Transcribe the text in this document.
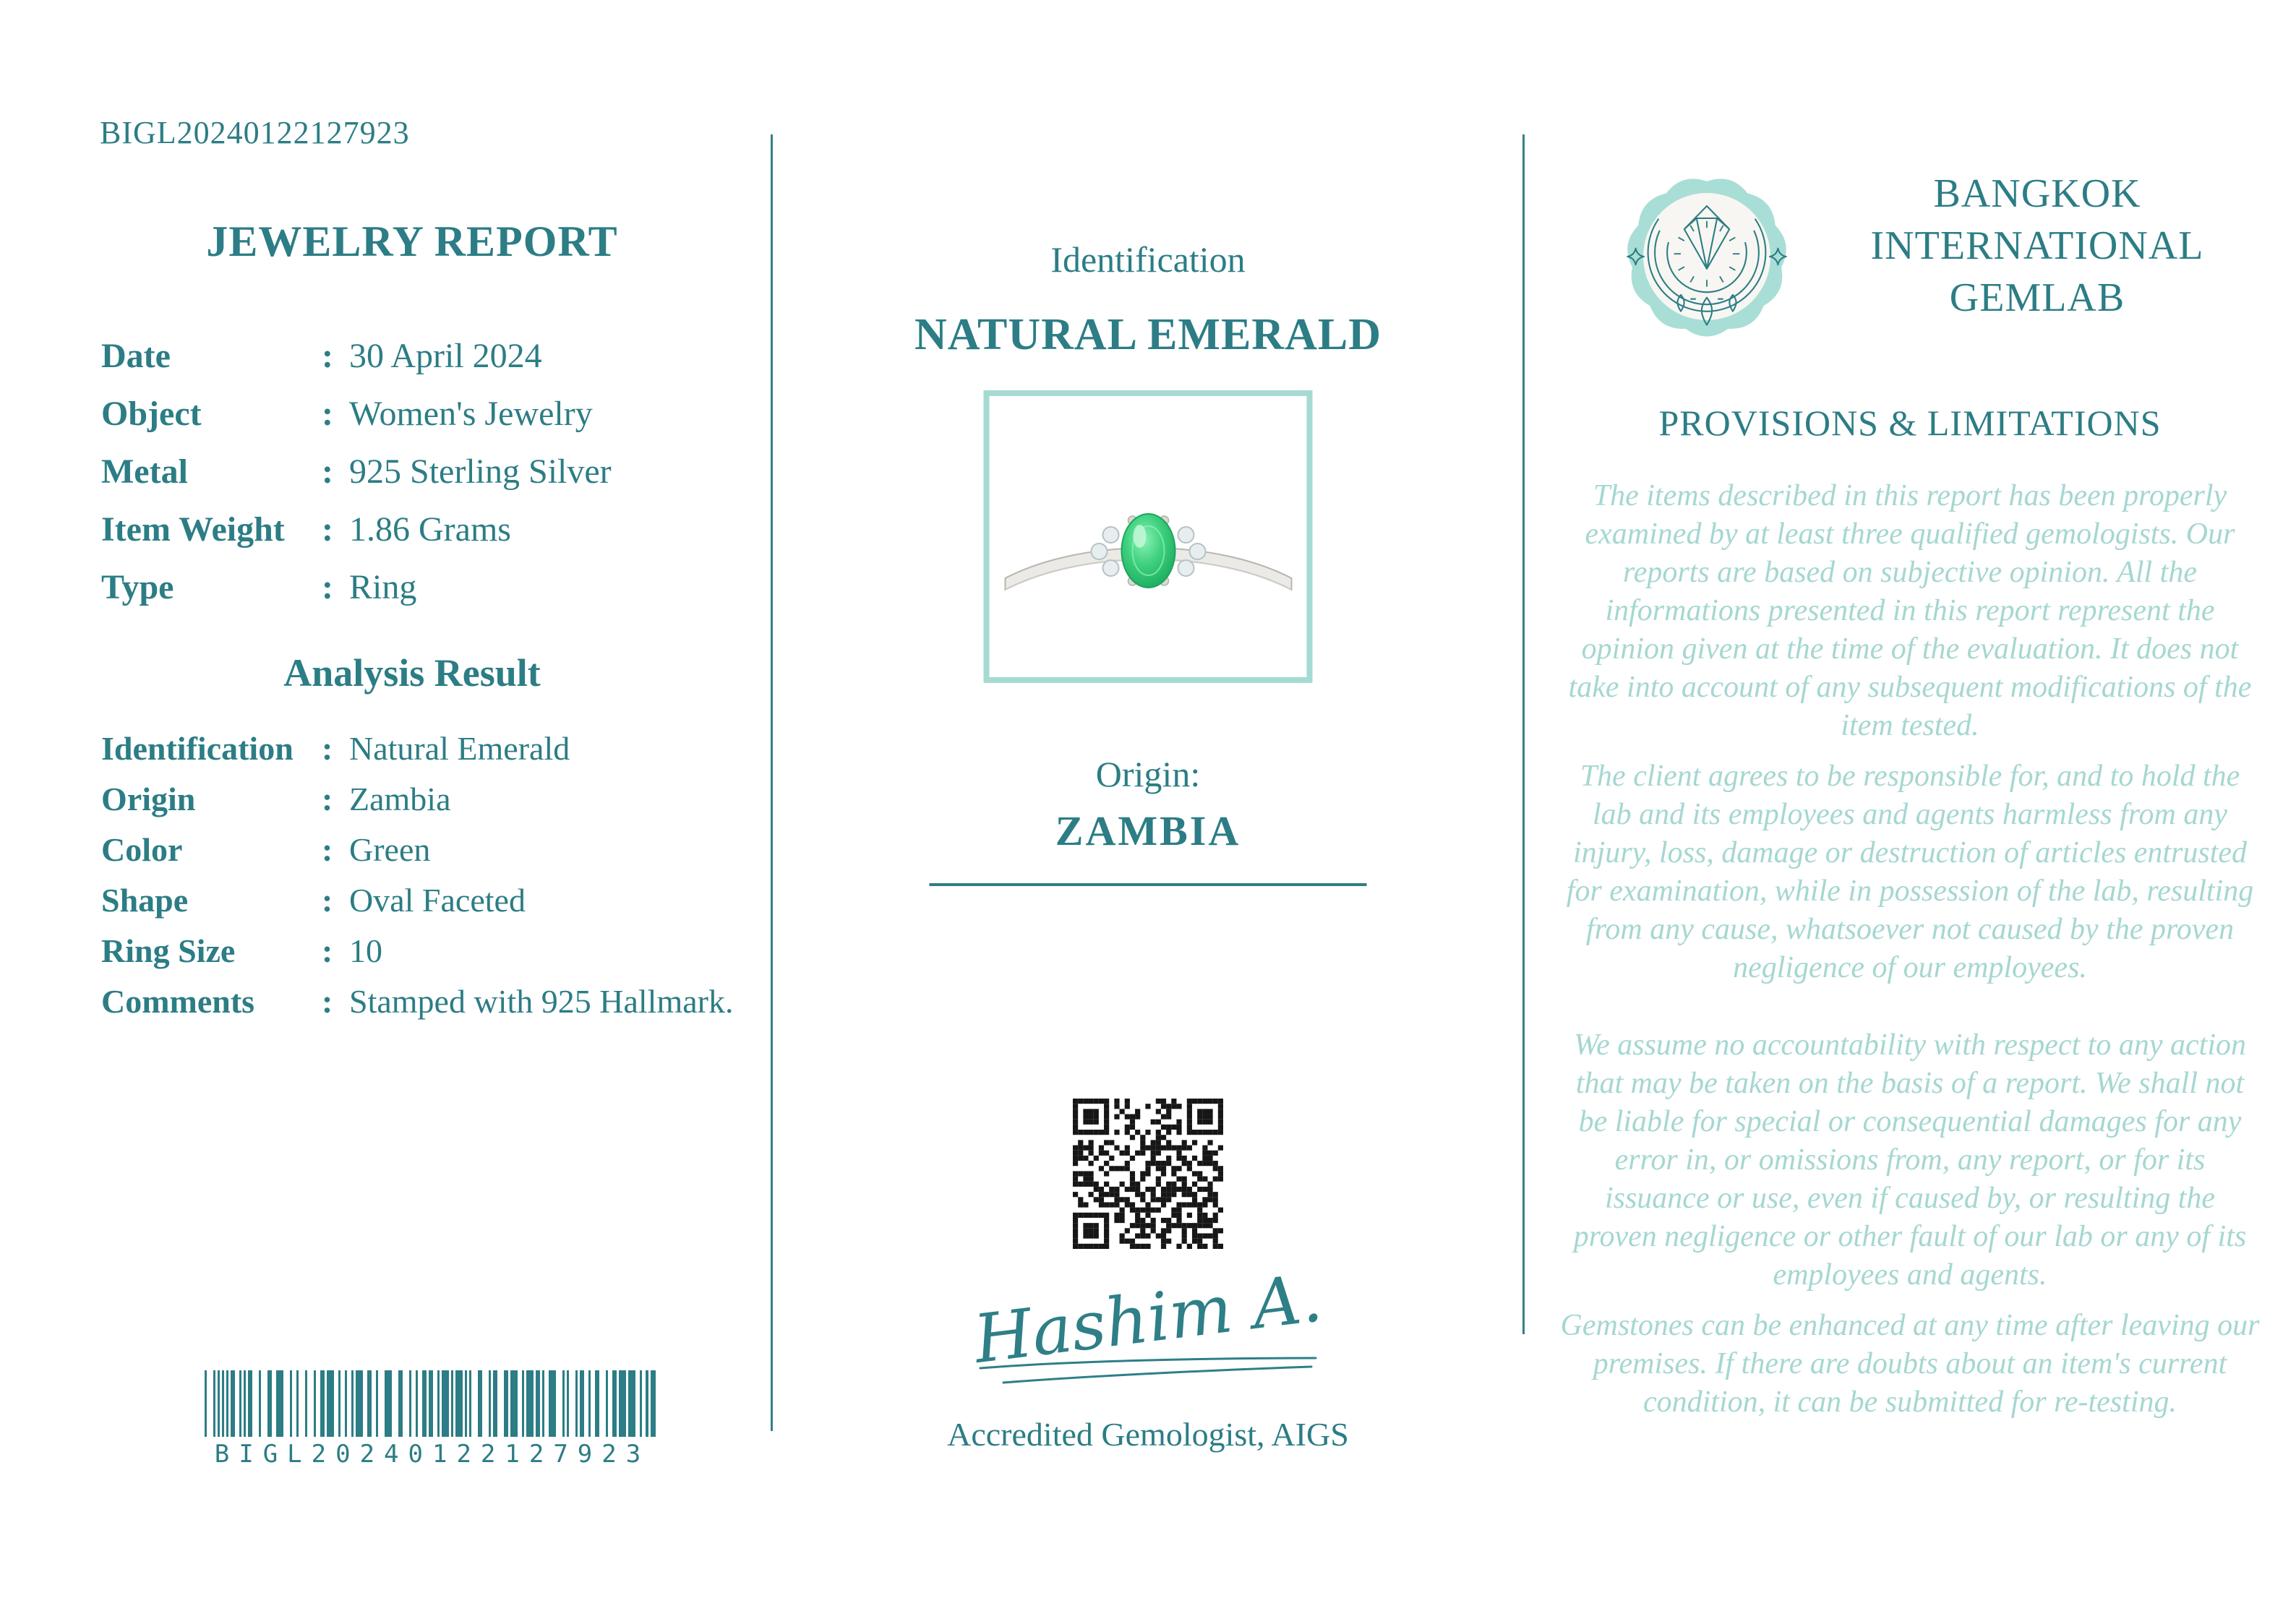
BIGL20240122127923
JEWELRY REPORT
Date	: 30 April 2024
Object	: Women's Jewelry
Metal	: 925 Sterling Silver
Item Weight	: 1.86 Grams
Type	: Ring
Analysis Result
Identification : Natural Emerald
Origin	: Zambia
Color	: Green
Shape	: Oval Faceted
Ring Size	: 10
Comments	: Stamped with 925 Hallmark.
BIGL20240122127923
Identification
NATURAL EMERALD
Origin:
ZAMBIA
Hashim A.
Accredited Gemologist, AIGS
BANGKOK
INTERNATIONAL
GEMLAB
PROVISIONS & LIMITATIONS
The items described in this report has been properly examined by at least three qualified gemologists. Our reports are based on subjective opinion. All the informations presented in this report represent the opinion given at the time of the evaluation. It does not take into account of any subsequent modifications of the item tested.
The client agrees to be responsible for, and to hold the lab and its employees and agents harmless from any injury, loss, damage or destruction of articles entrusted for examination, while in possession of the lab, resulting from any cause, whatsoever not caused by the proven negligence of our employees.
We assume no accountability with respect to any action that may be taken on the basis of a report. We shall not be liable for special or consequential damages for any error in, or omissions from, any report, or for its issuance or use, even if caused by, or resulting the proven negligence or other fault of our lab or any of its employees and agents.
Gemstones can be enhanced at any time after leaving our premises. If there are doubts about an item's current condition, it can be submitted for re-testing.
